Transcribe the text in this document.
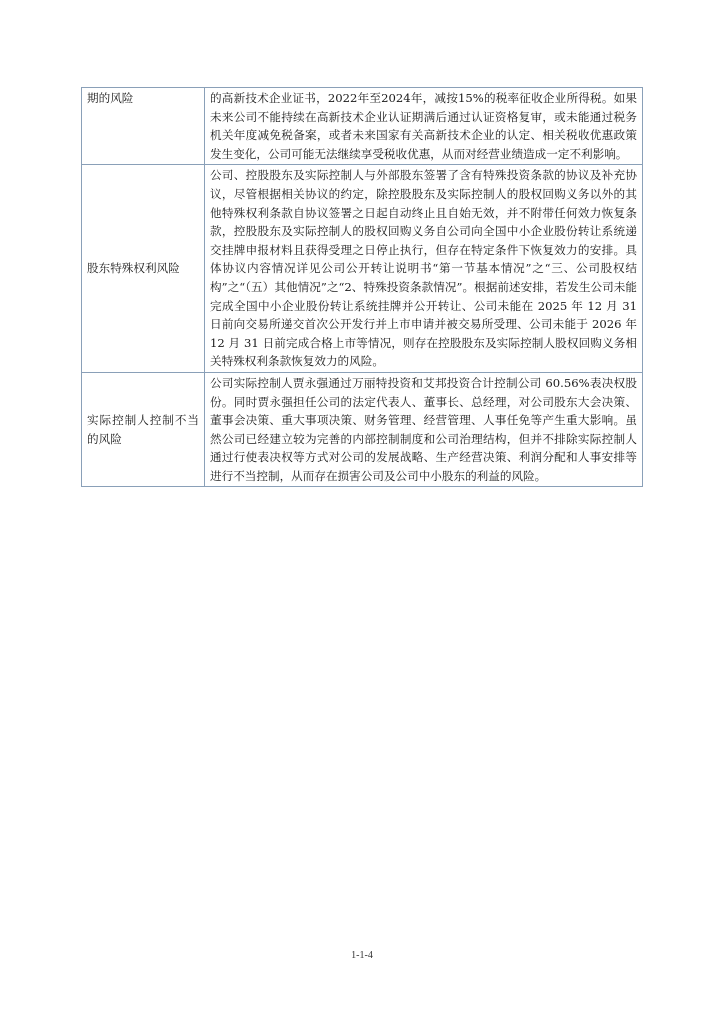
期的风险	的高新技术企业证书，2022年至2024年，减按15%的税率征收企业所得税。如果未来公司不能持续在高新技术企业认证期满后通过认证资格复审，或未能通过税务机关年度减免税备案，或者未来国家有关高新技术企业的认定、相关税收优惠政策发生变化，公司可能无法继续享受税收优惠，从而对经营业绩造成一定不利影响。
股东特殊权利风险	公司、控股股东及实际控制人与外部股东签署了含有特殊投资条款的协议及补充协议，尽管根据相关协议的约定，除控股股东及实际控制人的股权回购义务以外的其他特殊权利条款自协议签署之日起自动终止且自始无效，并不附带任何效力恢复条款，控股股东及实际控制人的股权回购义务自公司向全国中小企业股份转让系统递交挂牌申报材料且获得受理之日停止执行，但存在特定条件下恢复效力的安排。具体协议内容情况详见公司公开转让说明书“第一节基本情况”之“三、公司股权结构”之“（五）其他情况”之“2、特殊投资条款情况”。根据前述安排，若发生公司未能完成全国中小企业股份转让系统挂牌并公开转让、公司未能在 2025 年 12 月 31 日前向交易所递交首次公开发行并上市申请并被交易所受理、公司未能于 2026 年 12 月 31 日前完成合格上市等情况，则存在控股股东及实际控制人股权回购义务相关特殊权利条款恢复效力的风险。
实际控制人控制不当的风险	公司实际控制人贾永强通过万丽特投资和艾邦投资合计控制公司 60.56%表决权股份。同时贾永强担任公司的法定代表人、董事长、总经理，对公司股东大会决策、董事会决策、重大事项决策、财务管理、经营管理、人事任免等产生重大影响。虽然公司已经建立较为完善的内部控制制度和公司治理结构，但并不排除实际控制人通过行使表决权等方式对公司的发展战略、生产经营决策、利润分配和人事安排等进行不当控制，从而存在损害公司及公司中小股东的利益的风险。
1-1-4
